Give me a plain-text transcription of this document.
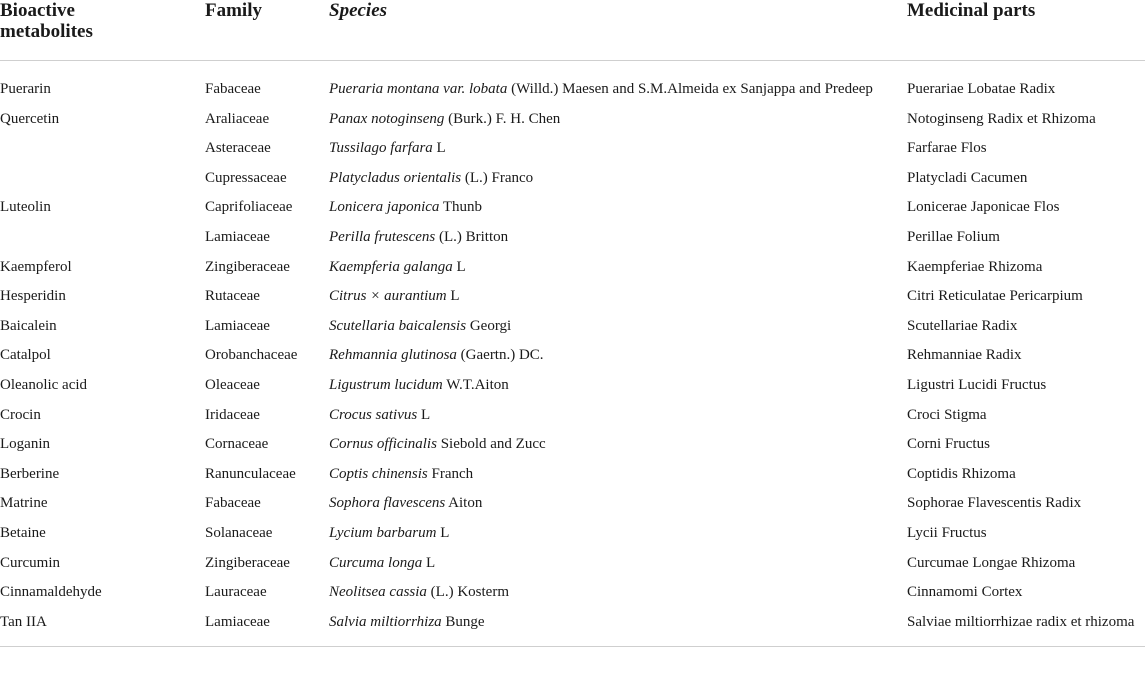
Bioactive
metabolites	Family	Species	Medicinal parts
Puerarin	Fabaceae	Pueraria montana var. lobata (Willd.) Maesen and S.M.Almeida ex Sanjappa and Predeep	Puerariae Lobatae Radix
Quercetin	Araliaceae	Panax notoginseng (Burk.) F. H. Chen	Notoginseng Radix et Rhizoma
	Asteraceae	Tussilago farfara L	Farfarae Flos
	Cupressaceae	Platycladus orientalis (L.) Franco	Platycladi Cacumen
Luteolin	Caprifoliaceae	Lonicera japonica Thunb	Lonicerae Japonicae Flos
	Lamiaceae	Perilla frutescens (L.) Britton	Perillae Folium
Kaempferol	Zingiberaceae	Kaempferia galanga L	Kaempferiae Rhizoma
Hesperidin	Rutaceae	Citrus × aurantium L	Citri Reticulatae Pericarpium
Baicalein	Lamiaceae	Scutellaria baicalensis Georgi	Scutellariae Radix
Catalpol	Orobanchaceae	Rehmannia glutinosa (Gaertn.) DC.	Rehmanniae Radix
Oleanolic acid	Oleaceae	Ligustrum lucidum W.T.Aiton	Ligustri Lucidi Fructus
Crocin	Iridaceae	Crocus sativus L	Croci Stigma
Loganin	Cornaceae	Cornus officinalis Siebold and Zucc	Corni Fructus
Berberine	Ranunculaceae	Coptis chinensis Franch	Coptidis Rhizoma
Matrine	Fabaceae	Sophora flavescens Aiton	Sophorae Flavescentis Radix
Betaine	Solanaceae	Lycium barbarum L	Lycii Fructus
Curcumin	Zingiberaceae	Curcuma longa L	Curcumae Longae Rhizoma
Cinnamaldehyde	Lauraceae	Neolitsea cassia (L.) Kosterm	Cinnamomi Cortex
Tan IIA	Lamiaceae	Salvia miltiorrhiza Bunge	Salviae miltiorrhizae radix et rhizoma
